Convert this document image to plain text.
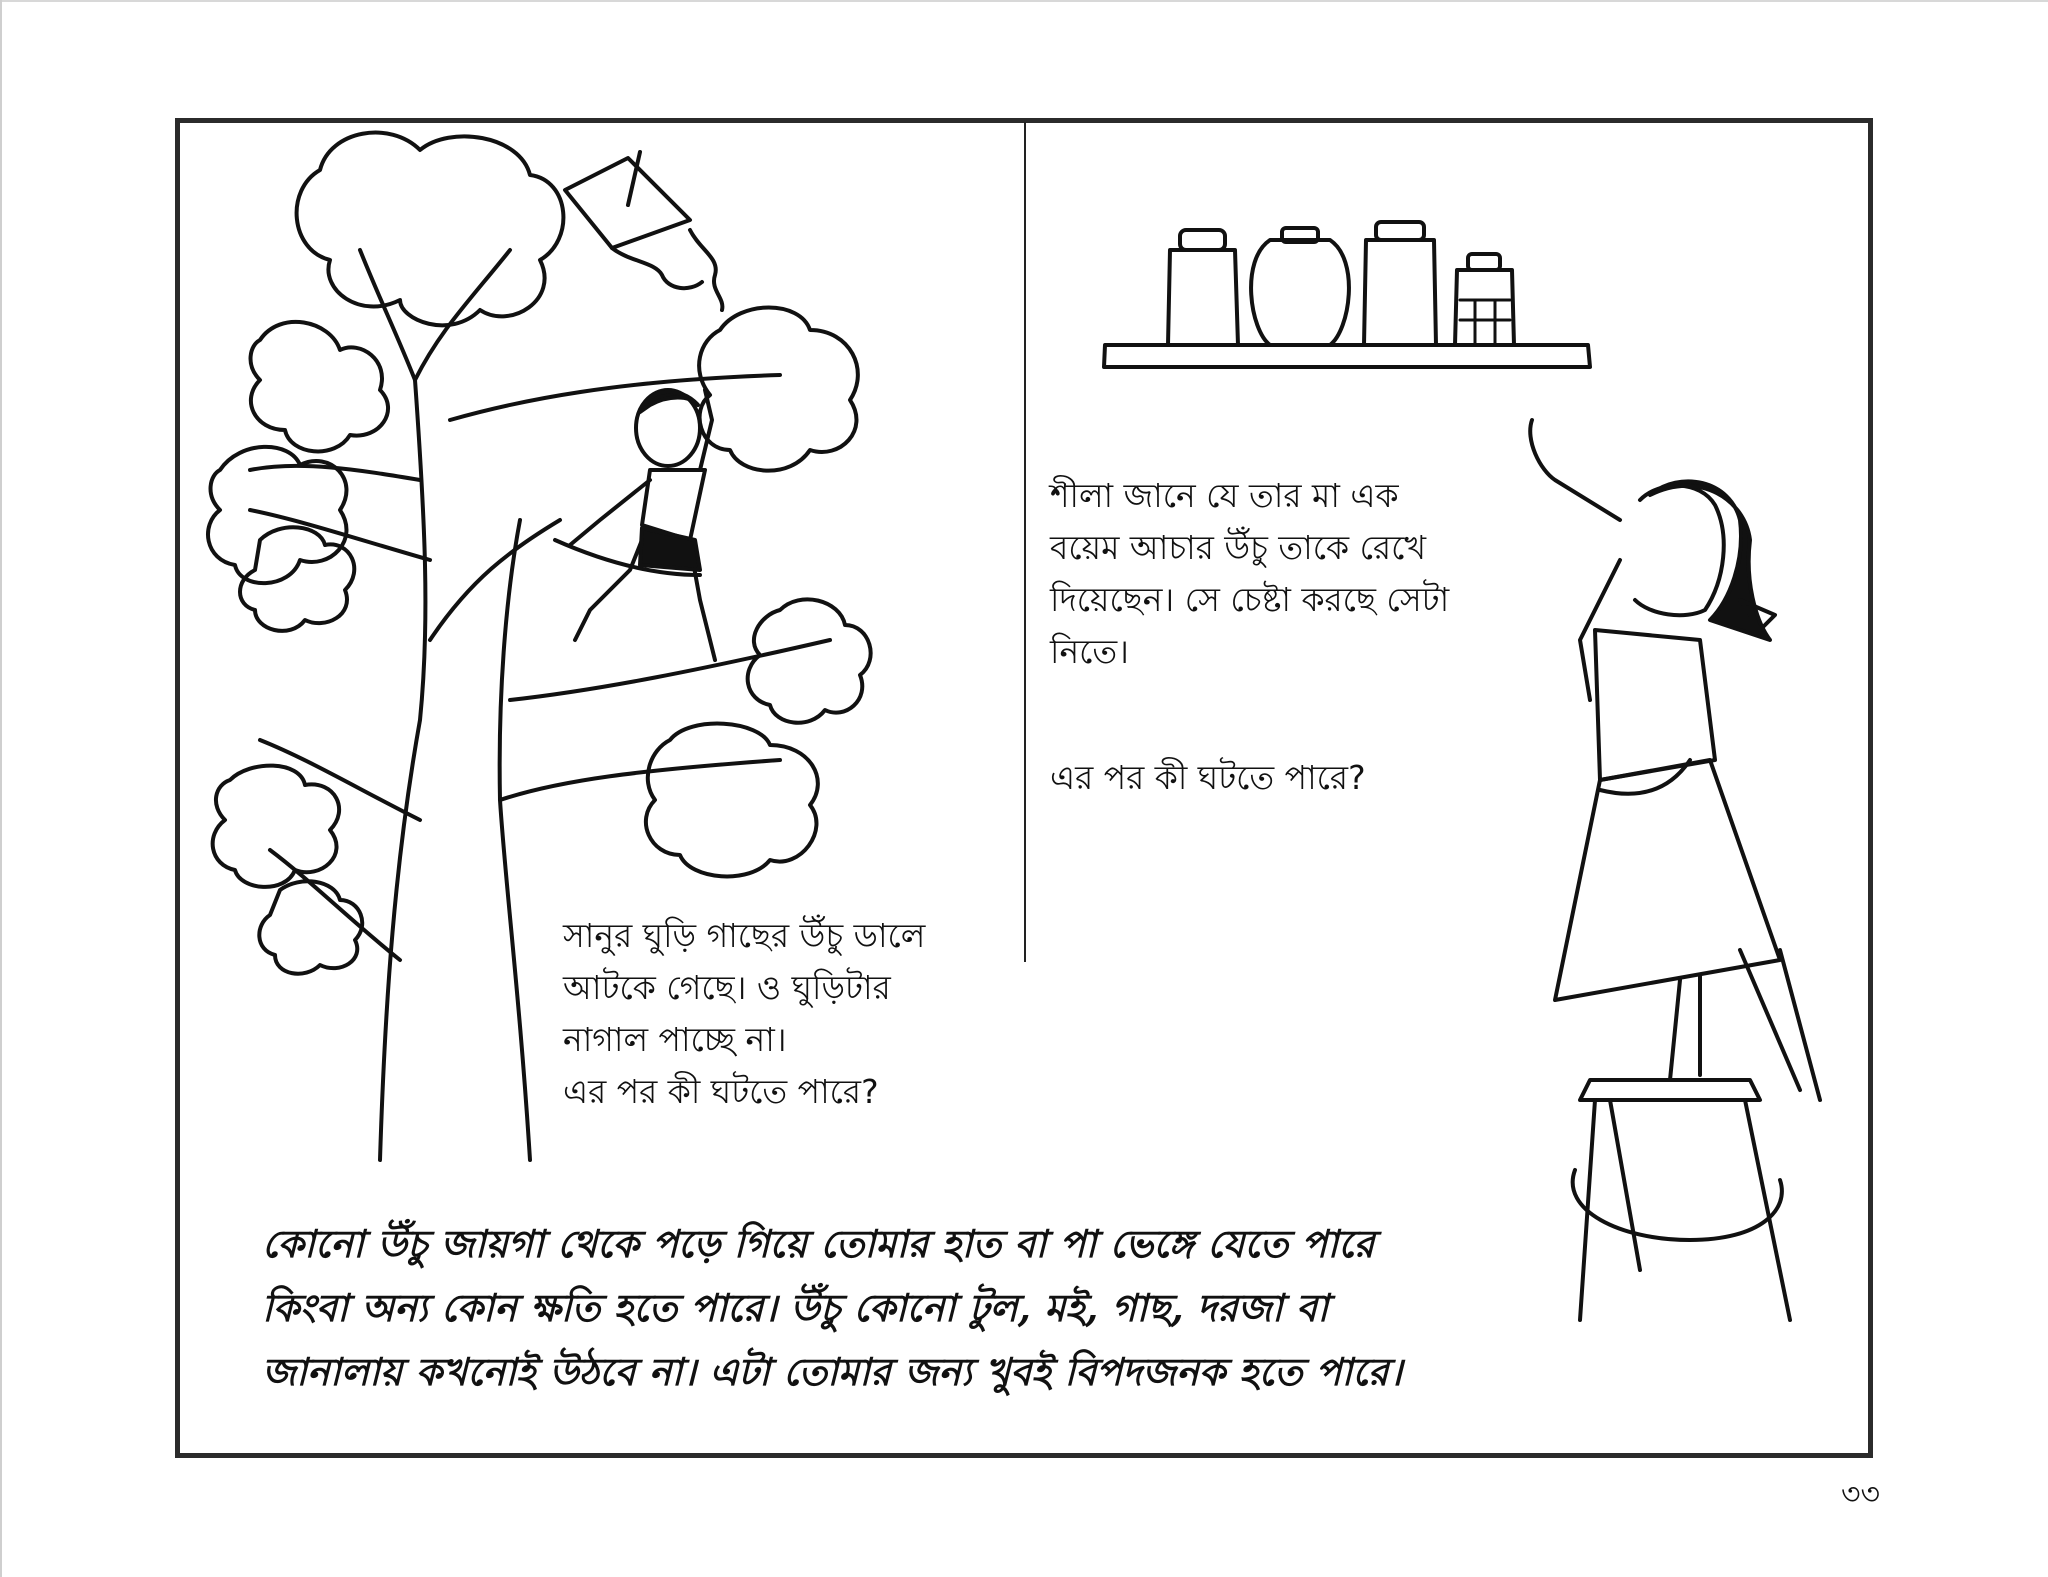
সানুর ঘুড়ি গাছের উঁচু ডালে

আটকে গেছে। ও ঘুড়িটার

নাগাল পাচ্ছে না।

এর পর কী ঘটতে পারে?

শীলা জানে যে তার মা এক

বয়েম আচার উঁচু তাকে রেখে

দিয়েছেন। সে চেষ্টা করছে সেটা

নিতে।

এর পর কী ঘটতে পারে?

কোনো উঁচু জায়গা থেকে পড়ে গিয়ে তোমার হাত বা পা ভেঙ্গে যেতে পারে
কিংবা অন্য কোন ক্ষতি হতে পারে। উঁচু কোনো টুল, মই, গাছ, দরজা বা
জানালায় কখনোই উঠবে না। এটা তোমার জন্য খুবই বিপদজনক হতে পারে।
৩৩
